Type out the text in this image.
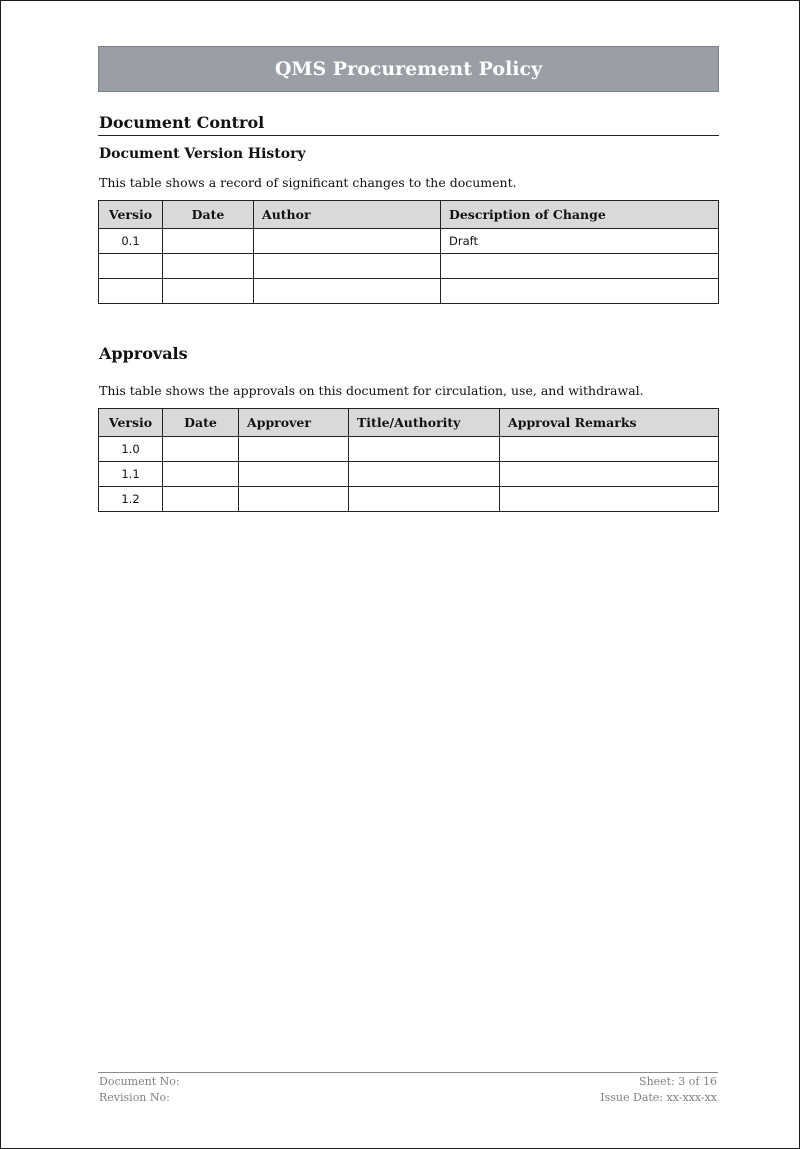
QMS Procurement Policy
Document Control
Document Version History
This table shows a record of significant changes to the document.
Versio	Date	Author	Description of Change
0.1			Draft

Approvals
This table shows the approvals on this document for circulation, use, and withdrawal.
Versio	Date	Approver	Title/Authority	Approval Remarks
1.0				
1.1				
1.2				
Document No:
Revision No:
Sheet: 3 of 16
Issue Date: xx-xxx-xx
